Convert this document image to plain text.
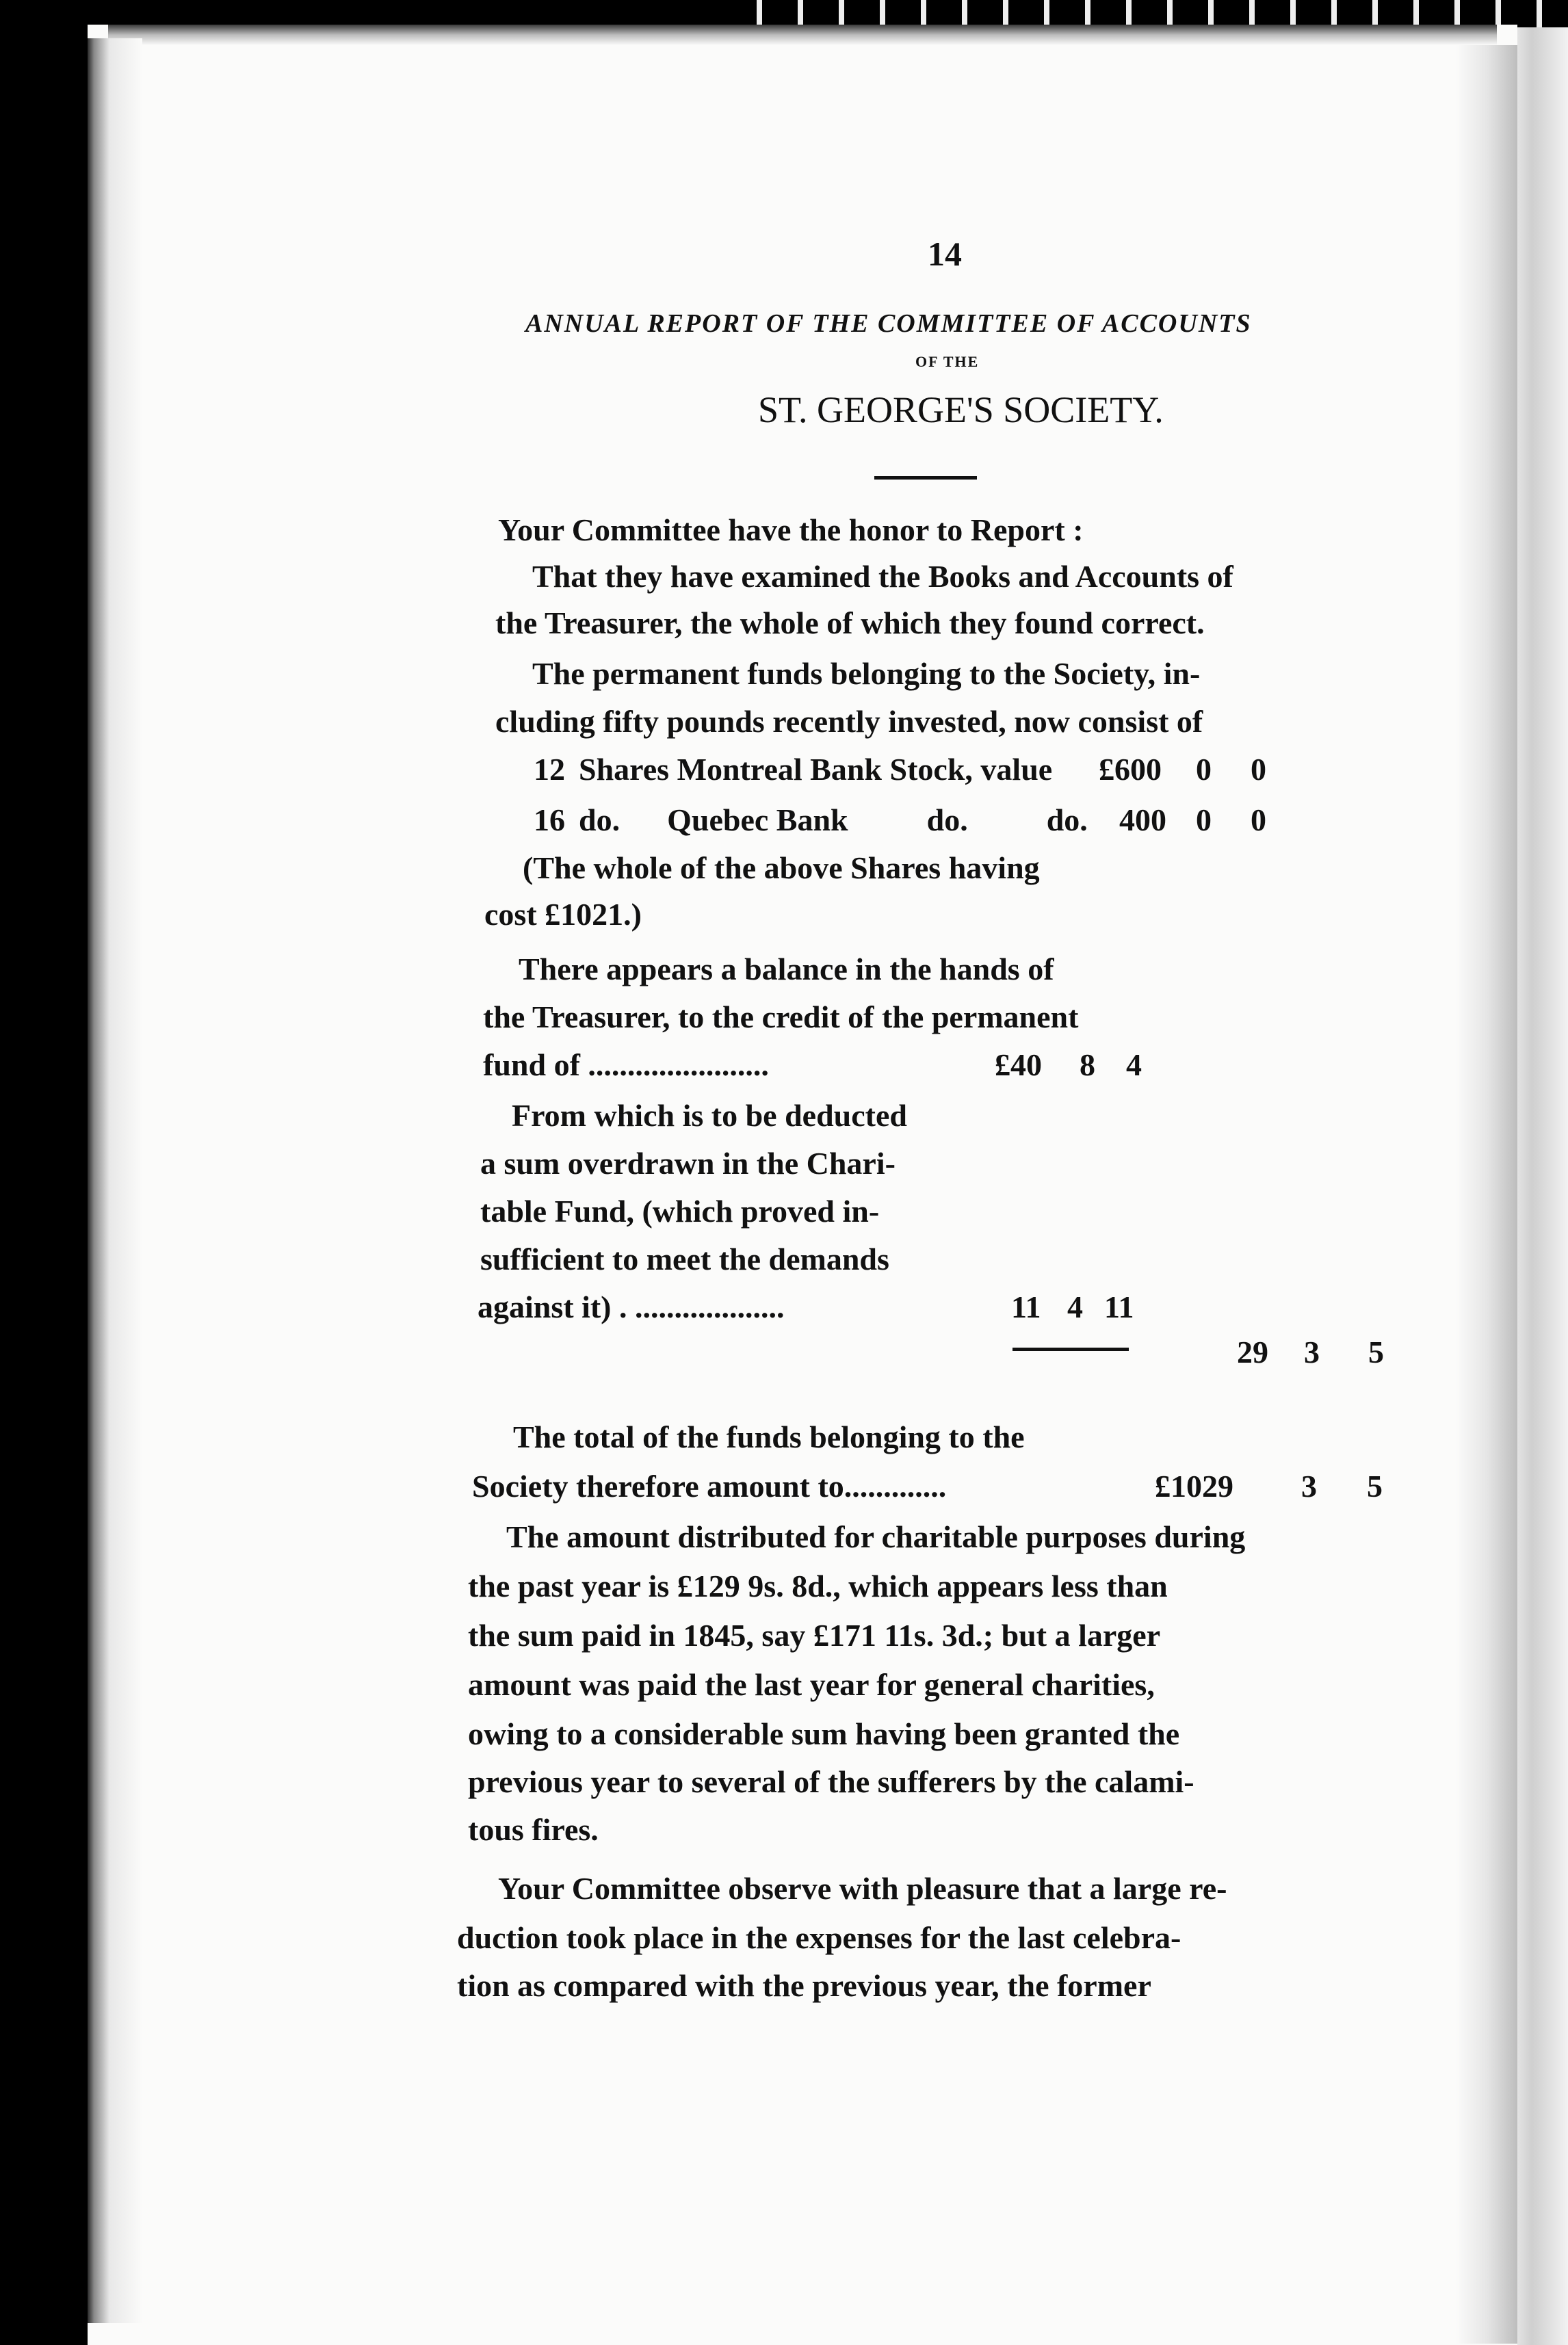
14
ANNUAL REPORT OF THE COMMITTEE OF ACCOUNTS
OF THE
ST. GEORGE'S SOCIETY.
Your Committee have the honor to Report :
That they have examined the Books and Accounts of
the Treasurer, the whole of which they found correct.
The permanent funds belonging to the Society, in-
cluding fifty pounds recently invested, now consist of
12 Shares Montreal Bank Stock, value £600 0 0
16 do.      Quebec Bank          do.          do. 400 0 0
(The whole of the above Shares having
cost £1021.)
There appears a balance in the hands of
the Treasurer, to the credit of the permanent
fund of .......................	£40 8 4
From which is to be deducted
a sum overdrawn in the Chari-
table Fund, (which proved in-
sufficient to meet the demands
against it) . ...................	11 4 11
29 3 5
The total of the funds belonging to the
Society therefore amount to.............	£1029 3 5
The amount distributed for charitable purposes during
the past year is £129 9s. 8d., which appears less than
the sum paid in 1845, say £171 11s. 3d.; but a larger
amount was paid the last year for general charities,
owing to a considerable sum having been granted the
previous year to several of the sufferers by the calami-
tous fires.
Your Committee observe with pleasure that a large re-
duction took place in the expenses for the last celebra-
tion as compared with the previous year, the former
